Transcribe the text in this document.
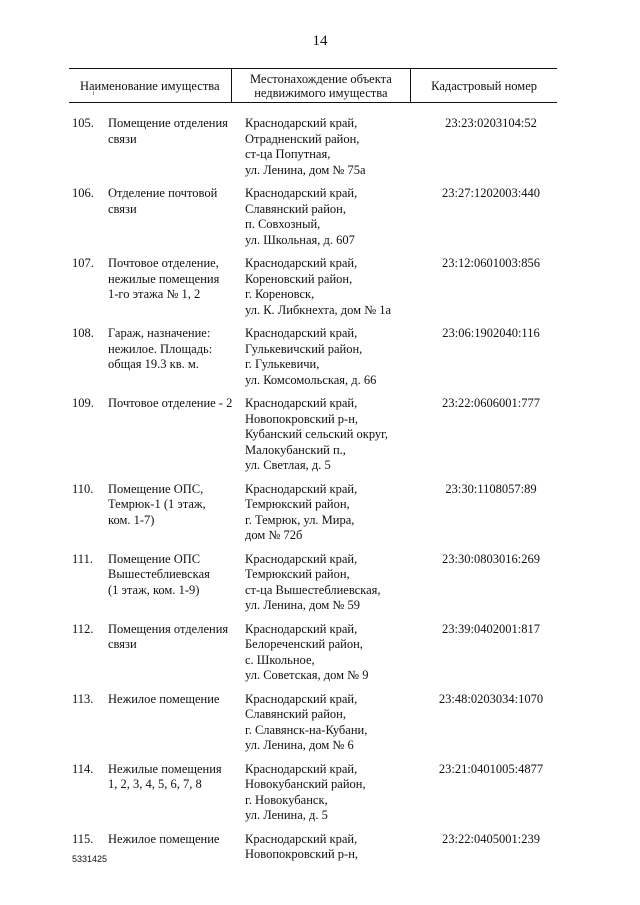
14
Наименование имущества	Местонахождение объекта
недвижимого имущества	Кадастровый номер
105.	Помещение отделения
связи	Краснодарский край,
Отрадненский район,
ст-ца Попутная,
ул. Ленина, дом № 75а	23:23:0203104:52
106.	Отделение почтовой
связи	Краснодарский край,
Славянский район,
п. Совхозный,
ул. Школьная, д. 607	23:27:1202003:440
107.	Почтовое отделение,
нежилые помещения
1-го этажа № 1, 2	Краснодарский край,
Кореновский район,
г. Кореновск,
ул. К. Либкнехта, дом № 1а	23:12:0601003:856
108.	Гараж, назначение:
нежилое. Площадь:
общая 19.3 кв. м.	Краснодарский край,
Гулькевичский район,
г. Гулькевичи,
ул. Комсомольская, д. 66	23:06:1902040:116
109.	Почтовое отделение - 2	Краснодарский край,
Новопокровский р-н,
Кубанский сельский округ,
Малокубанский п.,
ул. Светлая, д. 5	23:22:0606001:777
110.	Помещение ОПС,
Темрюк-1 (1 этаж,
ком. 1-7)	Краснодарский край,
Темрюкский район,
г. Темрюк, ул. Мира,
дом № 72б	23:30:1108057:89
111.	Помещение ОПС
Вышестеблиевская
(1 этаж, ком. 1-9)	Краснодарский край,
Темрюкский район,
ст-ца Вышестеблиевская,
ул. Ленина, дом № 59	23:30:0803016:269
112.	Помещения отделения
связи	Краснодарский край,
Белореченский район,
с. Школьное,
ул. Советская, дом № 9	23:39:0402001:817
113.	Нежилое помещение	Краснодарский край,
Славянский район,
г. Славянск-на-Кубани,
ул. Ленина, дом № 6	23:48:0203034:1070
114.	Нежилые помещения
1, 2, 3, 4, 5, 6, 7, 8	Краснодарский край,
Новокубанский район,
г. Новокубанск,
ул. Ленина, д. 5	23:21:0401005:4877
115.	Нежилое помещение	Краснодарский край,
Новопокровский р-н,	23:22:0405001:239
5331425
